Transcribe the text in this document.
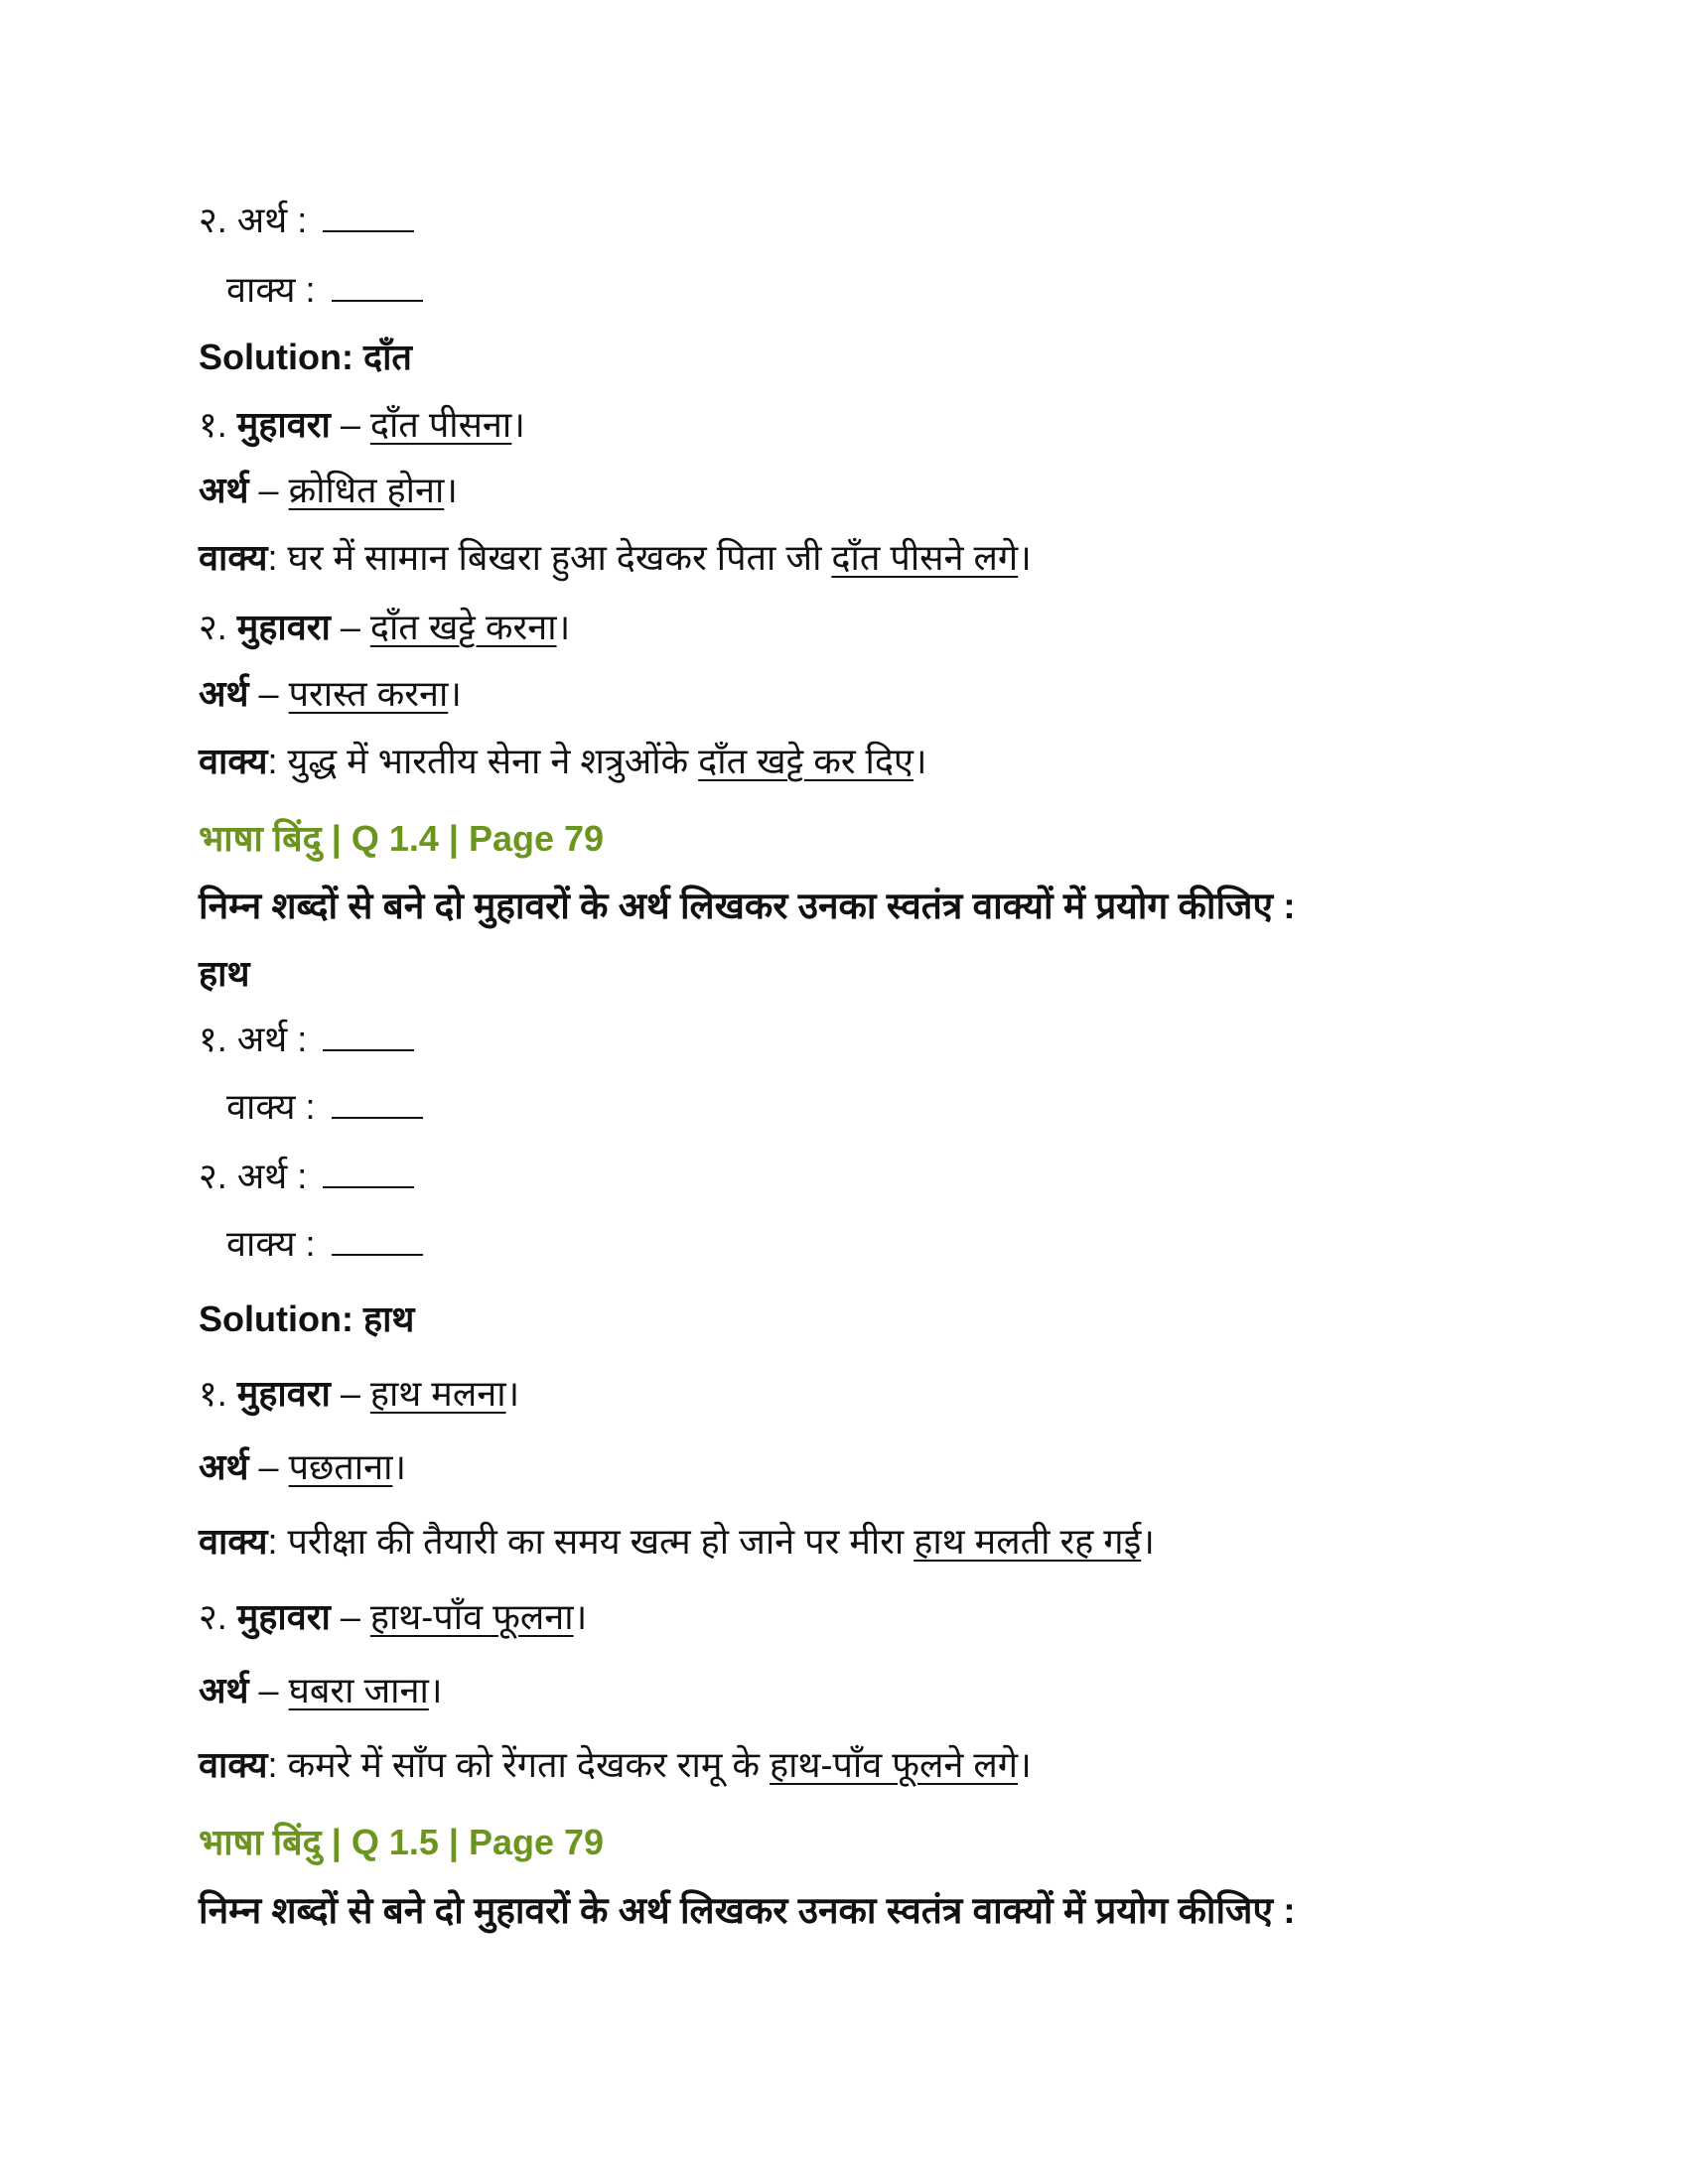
२. अर्थ :
वाक्य :
Solution: दाँत
१. मुहावरा – दाँत पीसना।
अर्थ – क्रोधित होना।
वाक्य: घर में सामान बिखरा हुआ देखकर पिता जी दाँत पीसने लगे।
२. मुहावरा – दाँत खट्टे करना।
अर्थ – परास्त करना।
वाक्य: युद्ध में भारतीय सेना ने शत्रुओंके दाँत खट्टे कर दिए।
भाषा बिंदु | Q 1.4 | Page 79
निम्न शब्दों से बने दो मुहावरों के अर्थ लिखकर उनका स्वतंत्र वाक्यों में प्रयोग कीजिए :
हाथ
१. अर्थ :
वाक्य :
२. अर्थ :
वाक्य :
Solution: हाथ
१. मुहावरा – हाथ मलना।
अर्थ – पछताना।
वाक्य: परीक्षा की तैयारी का समय खत्म हो जाने पर मीरा हाथ मलती रह गई।
२. मुहावरा – हाथ-पाँव फूलना।
अर्थ – घबरा जाना।
वाक्य: कमरे में साँप को रेंगता देखकर रामू के हाथ-पाँव फूलने लगे।
भाषा बिंदु | Q 1.5 | Page 79
निम्न शब्दों से बने दो मुहावरों के अर्थ लिखकर उनका स्वतंत्र वाक्यों में प्रयोग कीजिए :
